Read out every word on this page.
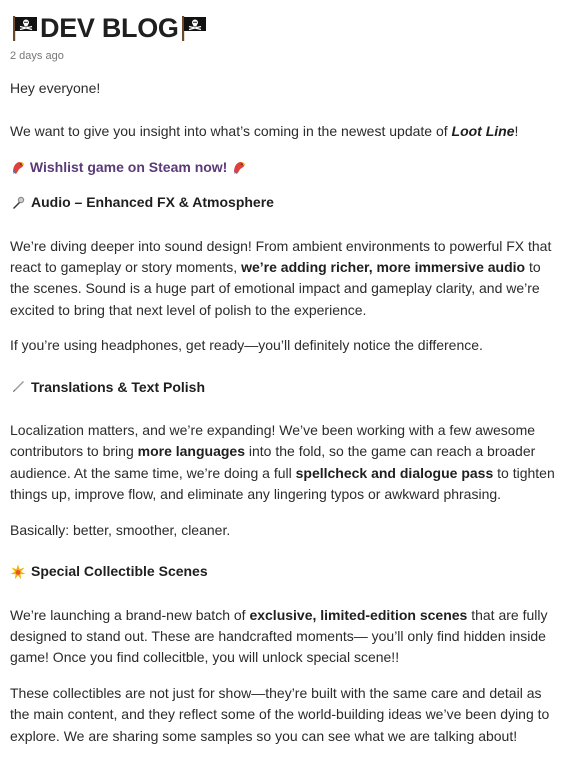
DEV BLOG
2 days ago

Hey everyone!

We want to give you insight into what’s coming in the newest update of Loot Line!

Wishlist game on Steam now!

Audio – Enhanced FX & Atmosphere

We’re diving deeper into sound design! From ambient environments to powerful FX that react to gameplay or story moments, we’re adding richer, more immersive audio to the scenes. Sound is a huge part of emotional impact and gameplay clarity, and we’re excited to bring that next level of polish to the experience.

If you’re using headphones, get ready—you’ll definitely notice the difference.

Translations & Text Polish

Localization matters, and we’re expanding! We’ve been working with a few awesome contributors to bring more languages into the fold, so the game can reach a broader audience. At the same time, we’re doing a full spellcheck and dialogue pass to tighten things up, improve flow, and eliminate any lingering typos or awkward phrasing.

Basically: better, smoother, cleaner.

Special Collectible Scenes

We’re launching a brand-new batch of exclusive, limited-edition scenes that are fully designed to stand out. These are handcrafted moments— you’ll only find hidden inside game! Once you find collecitble, you will unlock special scene!!

These collectibles are not just for show—they’re built with the same care and detail as the main content, and they reflect some of the world-building ideas we’ve been dying to explore. We are sharing some samples so you can see what we are talking about!
